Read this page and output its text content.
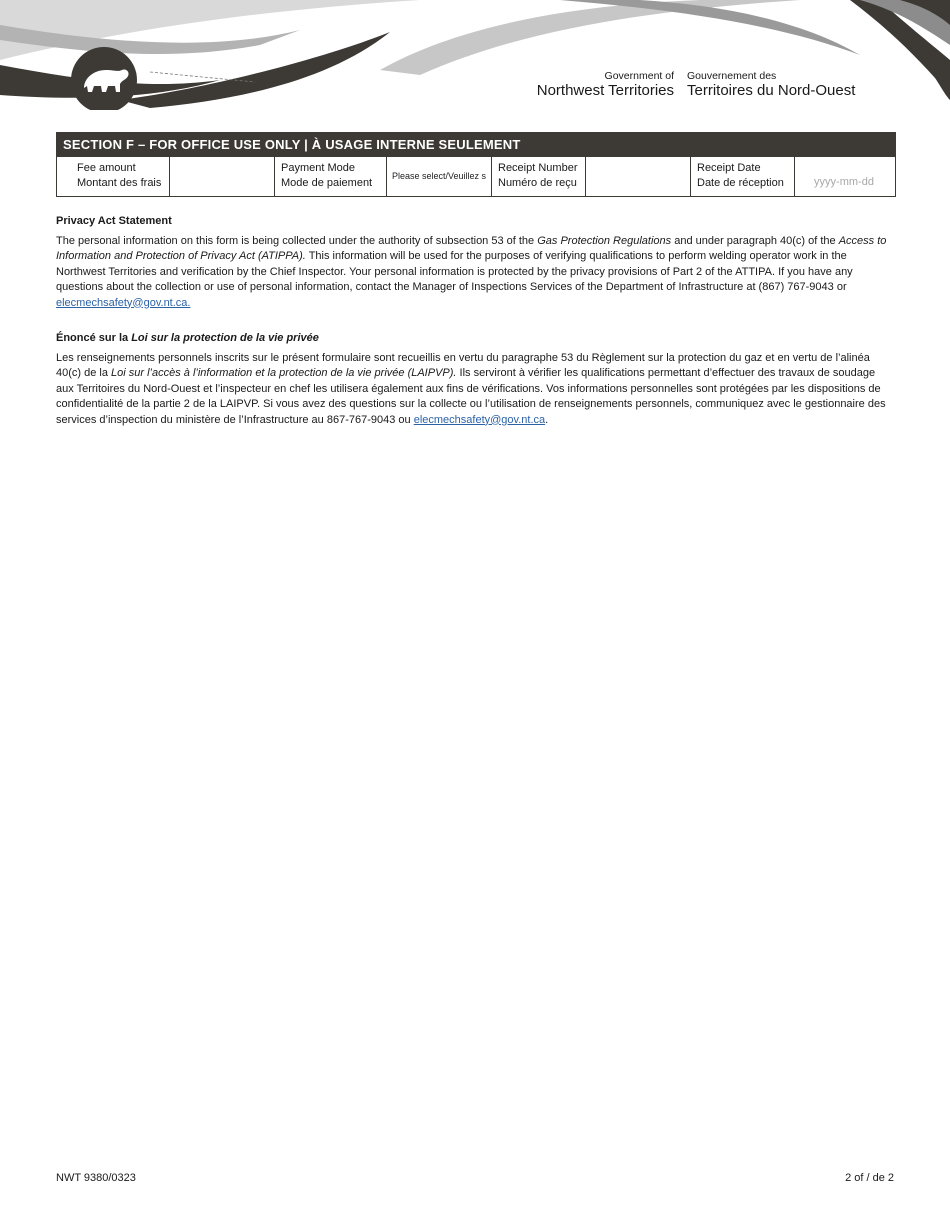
Government of
Northwest Territories
Gouvernement des
Territoires du Nord-Ouest
SECTION F – FOR OFFICE USE ONLY | À USAGE INTERNE SEULEMENT
Fee amount
Montant des frais
Payment Mode
Mode de paiement
Please select/Veuillez s
Receipt Number
Numéro de reçu
Receipt Date
Date de réception	yyyy-mm-dd
Privacy Act Statement

The personal information on this form is being collected under the authority of subsection 53 of the Gas Protection Regulations and under paragraph 40(c) of the Access to Information and Protection of Privacy Act (ATIPPA). This information will be used for the purposes of verifying qualifications to perform welding operator work in the Northwest Territories and verification by the Chief Inspector. Your personal information is protected by the privacy provisions of Part 2 of the ATTIPA. If you have any questions about the collection or use of personal information, contact the Manager of Inspections Services of the Department of Infrastructure at (867) 767-9043 or elecmechsafety@gov.nt.ca.

Énoncé sur la Loi sur la protection de la vie privée

Les renseignements personnels inscrits sur le présent formulaire sont recueillis en vertu du paragraphe 53 du Règlement sur la protection du gaz et en vertu de l’alinéa 40(c) de la Loi sur l’accès à l’information et la protection de la vie privée (LAIPVP). Ils serviront à vérifier les qualifications permettant d’effectuer des travaux de soudage aux Territoires du Nord-Ouest et l’inspecteur en chef les utilisera également aux fins de vérifications. Vos informations personnelles sont protégées par les dispositions de confidentialité de la partie 2 de la LAIPVP. Si vous avez des questions sur la collecte ou l’utilisation de renseignements personnels, communiquez avec le gestionnaire des services d’inspection du ministère de l’Infrastructure au 867-767-9043 ou elecmechsafety@gov.nt.ca.

NWT 9380/0323	2 of / de 2
